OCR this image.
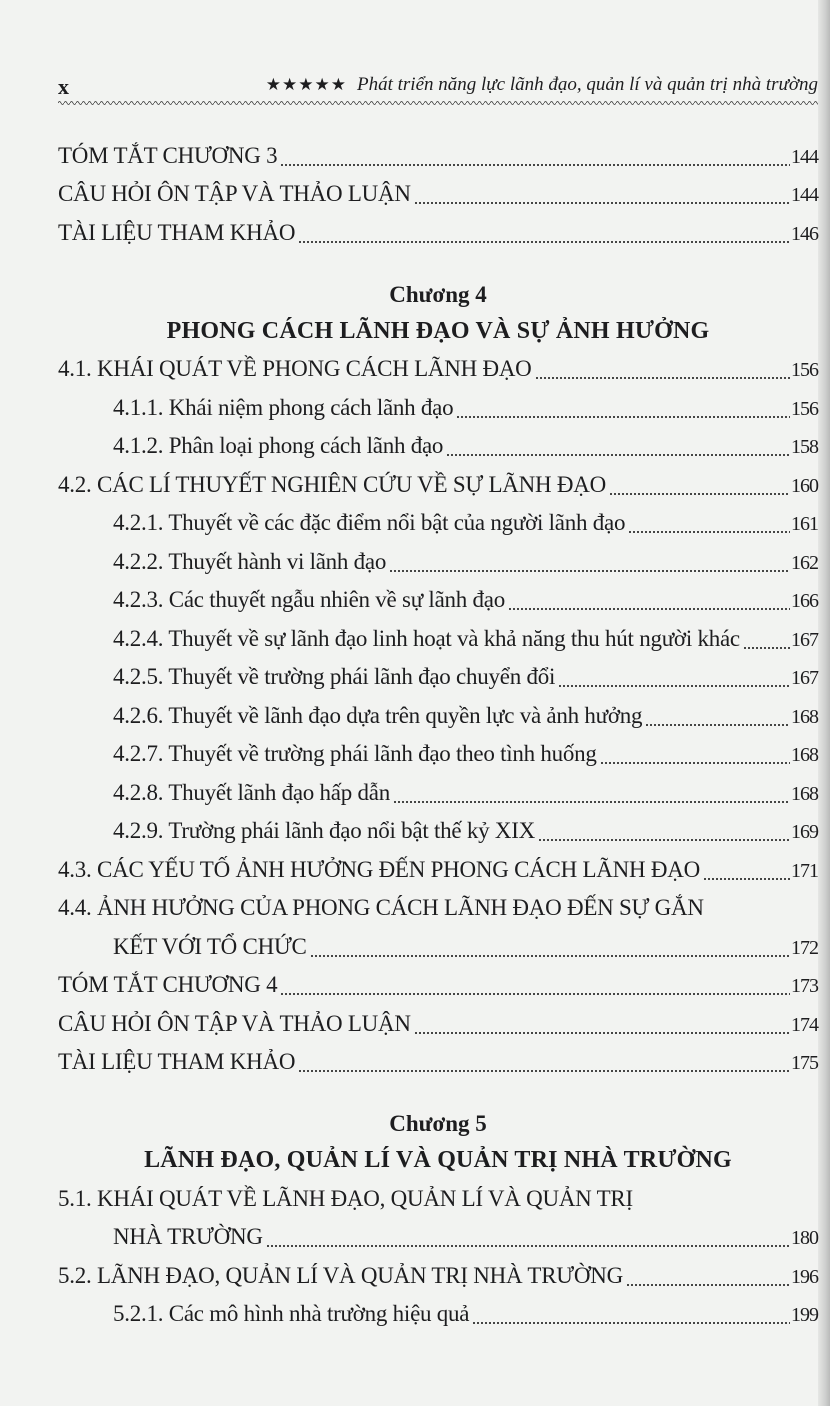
x	★★★★★ Phát triển năng lực lãnh đạo, quản lí và quản trị nhà trường
TÓM TẮT CHƯƠNG 3	144
CÂU HỎI ÔN TẬP VÀ THẢO LUẬN	144
TÀI LIỆU THAM KHẢO	146
Chương 4
PHONG CÁCH LÃNH ĐẠO VÀ SỰ ẢNH HƯỞNG
4.1. KHÁI QUÁT VỀ PHONG CÁCH LÃNH ĐẠO	156
4.1.1. Khái niệm phong cách lãnh đạo	156
4.1.2. Phân loại phong cách lãnh đạo	158
4.2. CÁC LÍ THUYẾT NGHIÊN CỨU VỀ SỰ LÃNH ĐẠO	160
4.2.1. Thuyết về các đặc điểm nổi bật của người lãnh đạo	161
4.2.2. Thuyết hành vi lãnh đạo	162
4.2.3. Các thuyết ngẫu nhiên về sự lãnh đạo	166
4.2.4. Thuyết về sự lãnh đạo linh hoạt và khả năng thu hút người khác	167
4.2.5. Thuyết về trường phái lãnh đạo chuyển đổi	167
4.2.6. Thuyết về lãnh đạo dựa trên quyền lực và ảnh hưởng	168
4.2.7. Thuyết về trường phái lãnh đạo theo tình huống	168
4.2.8. Thuyết lãnh đạo hấp dẫn	168
4.2.9. Trường phái lãnh đạo nổi bật thế kỷ XIX	169
4.3. CÁC YẾU TỐ ẢNH HƯỞNG ĐẾN PHONG CÁCH LÃNH ĐẠO	171
4.4. ẢNH HƯỞNG CỦA PHONG CÁCH LÃNH ĐẠO ĐẾN SỰ GẮN
KẾT VỚI TỔ CHỨC	172
TÓM TẮT CHƯƠNG 4	173
CÂU HỎI ÔN TẬP VÀ THẢO LUẬN	174
TÀI LIỆU THAM KHẢO	175
Chương 5
LÃNH ĐẠO, QUẢN LÍ VÀ QUẢN TRỊ NHÀ TRƯỜNG
5.1. KHÁI QUÁT VỀ LÃNH ĐẠO, QUẢN LÍ VÀ QUẢN TRỊ
NHÀ TRƯỜNG	180
5.2. LÃNH ĐẠO, QUẢN LÍ VÀ QUẢN TRỊ NHÀ TRƯỜNG	196
5.2.1. Các mô hình nhà trường hiệu quả	199
